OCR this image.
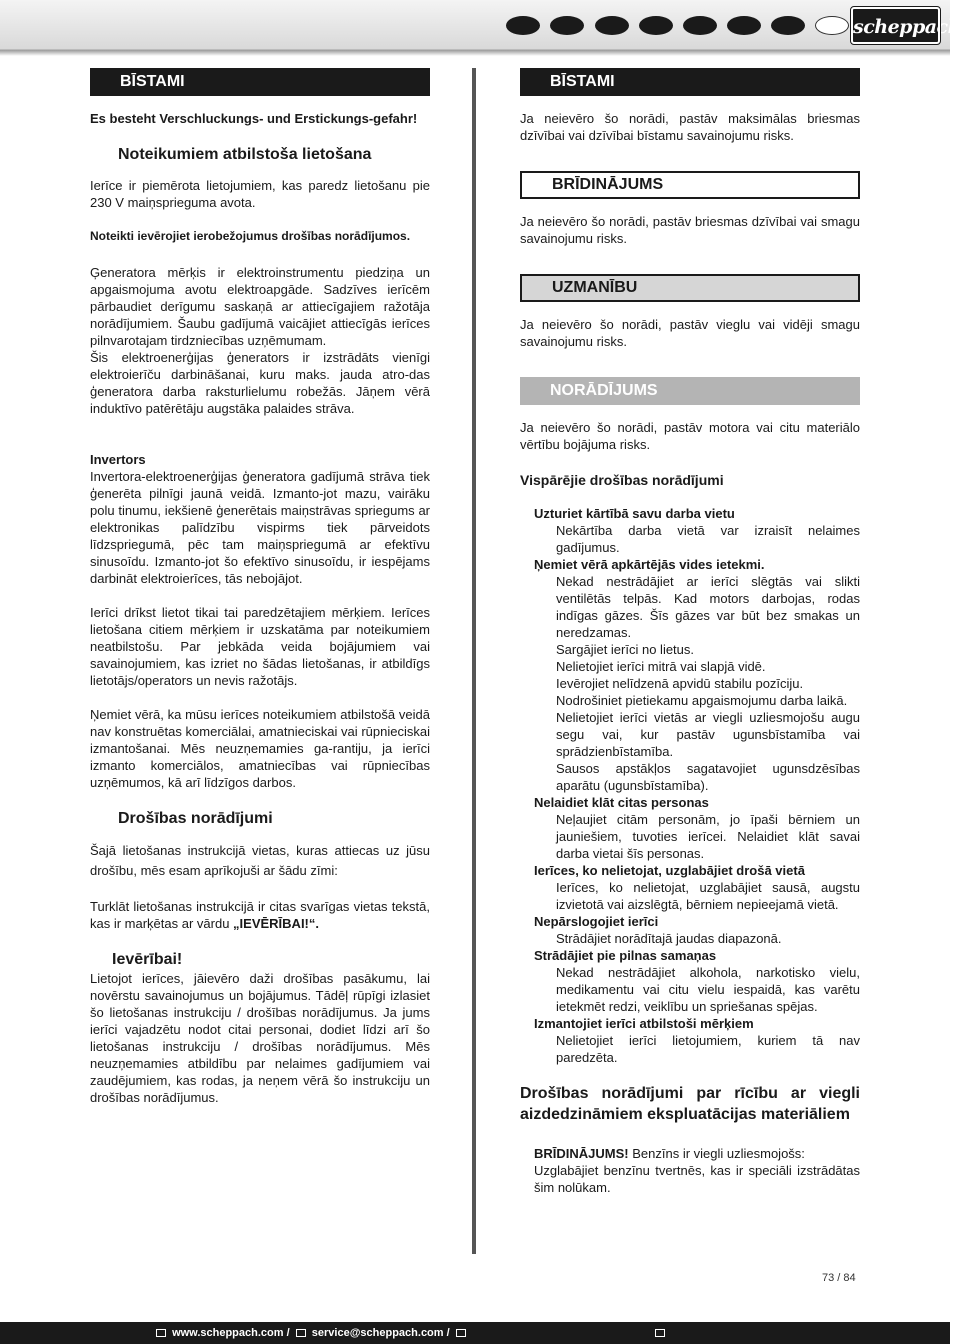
scheppach
BĪSTAMI

Es besteht Verschluckungs- und Erstickungs-gefahr!

Noteikumiem atbilstoša lietošana

Ierīce ir piemērota lietojumiem, kas paredz lietošanu pie 230 V maiņsprieguma avota.

Noteikti ievērojiet ierobežojumus drošības norādījumos.

Ģeneratora mērķis ir elektroinstrumentu piedziņa un apgaismojuma avotu elektroapgāde. Sadzīves ierīcēm pārbaudiet derīgumu saskaņā ar attiecīgajiem ražotāja norādījumiem. Šaubu gadījumā vaicājiet attiecīgās ierīces pilnvarotajam tirdzniecības uzņēmumam.

Šis elektroenerģijas ģenerators ir izstrādāts vienīgi elektroierīču darbināšanai, kuru maks. jauda atro-das ģeneratora darba raksturlielumu robežās. Jāņem vērā induktīvo patērētāju augstāka palaides strāva.

Invertors

Invertora-elektroenerģijas ģeneratora gadījumā strāva tiek ģenerēta pilnīgi jaunā veidā. Izmanto-jot mazu, vairāku polu tinumu, iekšienē ģenerētais maiņstrāvas spriegums ar elektronikas palīdzību vispirms tiek pārveidots līdzspriegumā, pēc tam maiņspriegumā ar efektīvu sinusoīdu. Izmanto-jot šo efektīvo sinusoīdu, ir iespējams darbināt elektroierīces, tās nebojājot.

Ierīci drīkst lietot tikai tai paredzētajiem mērķiem. Ierīces lietošana citiem mērķiem ir uzskatāma par noteikumiem neatbilstošu. Par jebkāda veida bojājumiem vai savainojumiem, kas izriet no šādas lietošanas, ir atbildīgs lietotājs/operators un nevis ražotājs.

Ņemiet vērā, ka mūsu ierīces noteikumiem atbilstošā veidā nav konstruētas komerciālai, amatnieciskai vai rūpnieciskai izmantošanai. Mēs neuzņemamies ga-rantiju, ja ierīci izmanto komerciālos, amatniecības vai rūpniecības uzņēmumos, kā arī līdzīgos darbos.

Drošības norādījumi

Šajā lietošanas instrukcijā vietas, kuras attiecas uz jūsu drošību, mēs esam aprīkojuši ar šādu zīmi:

Turklāt lietošanas instrukcijā ir citas svarīgas vietas tekstā, kas ir marķētas ar vārdu „IEVĒRĪBAI!“.

Ievērībai!

Lietojot ierīces, jāievēro daži drošības pasākumu, lai novērstu savainojumus un bojājumus. Tādēļ rūpīgi izlasiet šo lietošanas instrukciju / drošības norādījumus. Ja jums ierīci vajadzētu nodot citai personai, dodiet līdzi arī šo lietošanas instrukciju / drošības norādījumus. Mēs neuzņemamies atbildību par nelaimes gadījumiem vai zaudējumiem, kas rodas, ja neņem vērā šo instrukciju un drošības norādījumus.

BĪSTAMI

Ja neievēro šo norādi, pastāv maksimālas briesmas dzīvībai vai dzīvībai bīstamu savainojumu risks.

BRĪDINĀJUMS

Ja neievēro šo norādi, pastāv briesmas dzīvībai vai smagu savainojumu risks.

UZMANĪBU

Ja neievēro šo norādi, pastāv vieglu vai vidēji smagu savainojumu risks.

NORĀDĪJUMS

Ja neievēro šo norādi, pastāv motora vai citu materiālo vērtību bojājuma risks.

Vispārējie drošības norādījumi
Uzturiet kārtībā savu darba vietu
Nekārtība darba vietā var izraisīt nelaimes gadījumus.
Ņemiet vērā apkārtējās vides ietekmi.
Nekad nestrādājiet ar ierīci slēgtās vai slikti ventilētās telpās. Kad motors darbojas, rodas indīgas gāzes. Šīs gāzes var būt bez smakas un neredzamas.
Sargājiet ierīci no lietus.
Nelietojiet ierīci mitrā vai slapjā vidē.
Ievērojiet nelīdzenā apvidū stabilu pozīciju.
Nodrošiniet pietiekamu apgaismojumu darba laikā.
Nelietojiet ierīci vietās ar viegli uzliesmojošu augu segu vai, kur pastāv ugunsbīstamība vai sprādzienbīstamība.
Sausos apstākļos sagatavojiet ugunsdzēsības aparātu (ugunsbīstamība).
Nelaidiet klāt citas personas
Neļaujiet citām personām, jo īpaši bērniem un jauniešiem, tuvoties ierīcei. Nelaidiet klāt savai darba vietai šīs personas.
Ierīces, ko nelietojat, uzglabājiet drošā vietā
Ierīces, ko nelietojat, uzglabājiet sausā, augstu izvietotā vai aizslēgtā, bērniem nepieejamā vietā.
Nepārslogojiet ierīci
Strādājiet norādītajā jaudas diapazonā.
Strādājiet pie pilnas samaņas
Nekad nestrādājiet alkohola, narkotisko vielu, medikamentu vai citu vielu iespaidā, kas varētu ietekmēt redzi, veiklību un spriešanas spējas.
Izmantojiet ierīci atbilstoši mērķiem
Nelietojiet ierīci lietojumiem, kuriem tā nav paredzēta.
Drošības norādījumi par rīcību ar viegli aizdedzināmiem ekspluatācijas materiāliem

BRĪDINĀJUMS! Benzīns ir viegli uzliesmojošs:

Uzglabājiet benzīnu tvertnēs, kas ir speciāli izstrādātas šim nolūkam.

73 / 84
www.scheppach.com / service@scheppach.com /
